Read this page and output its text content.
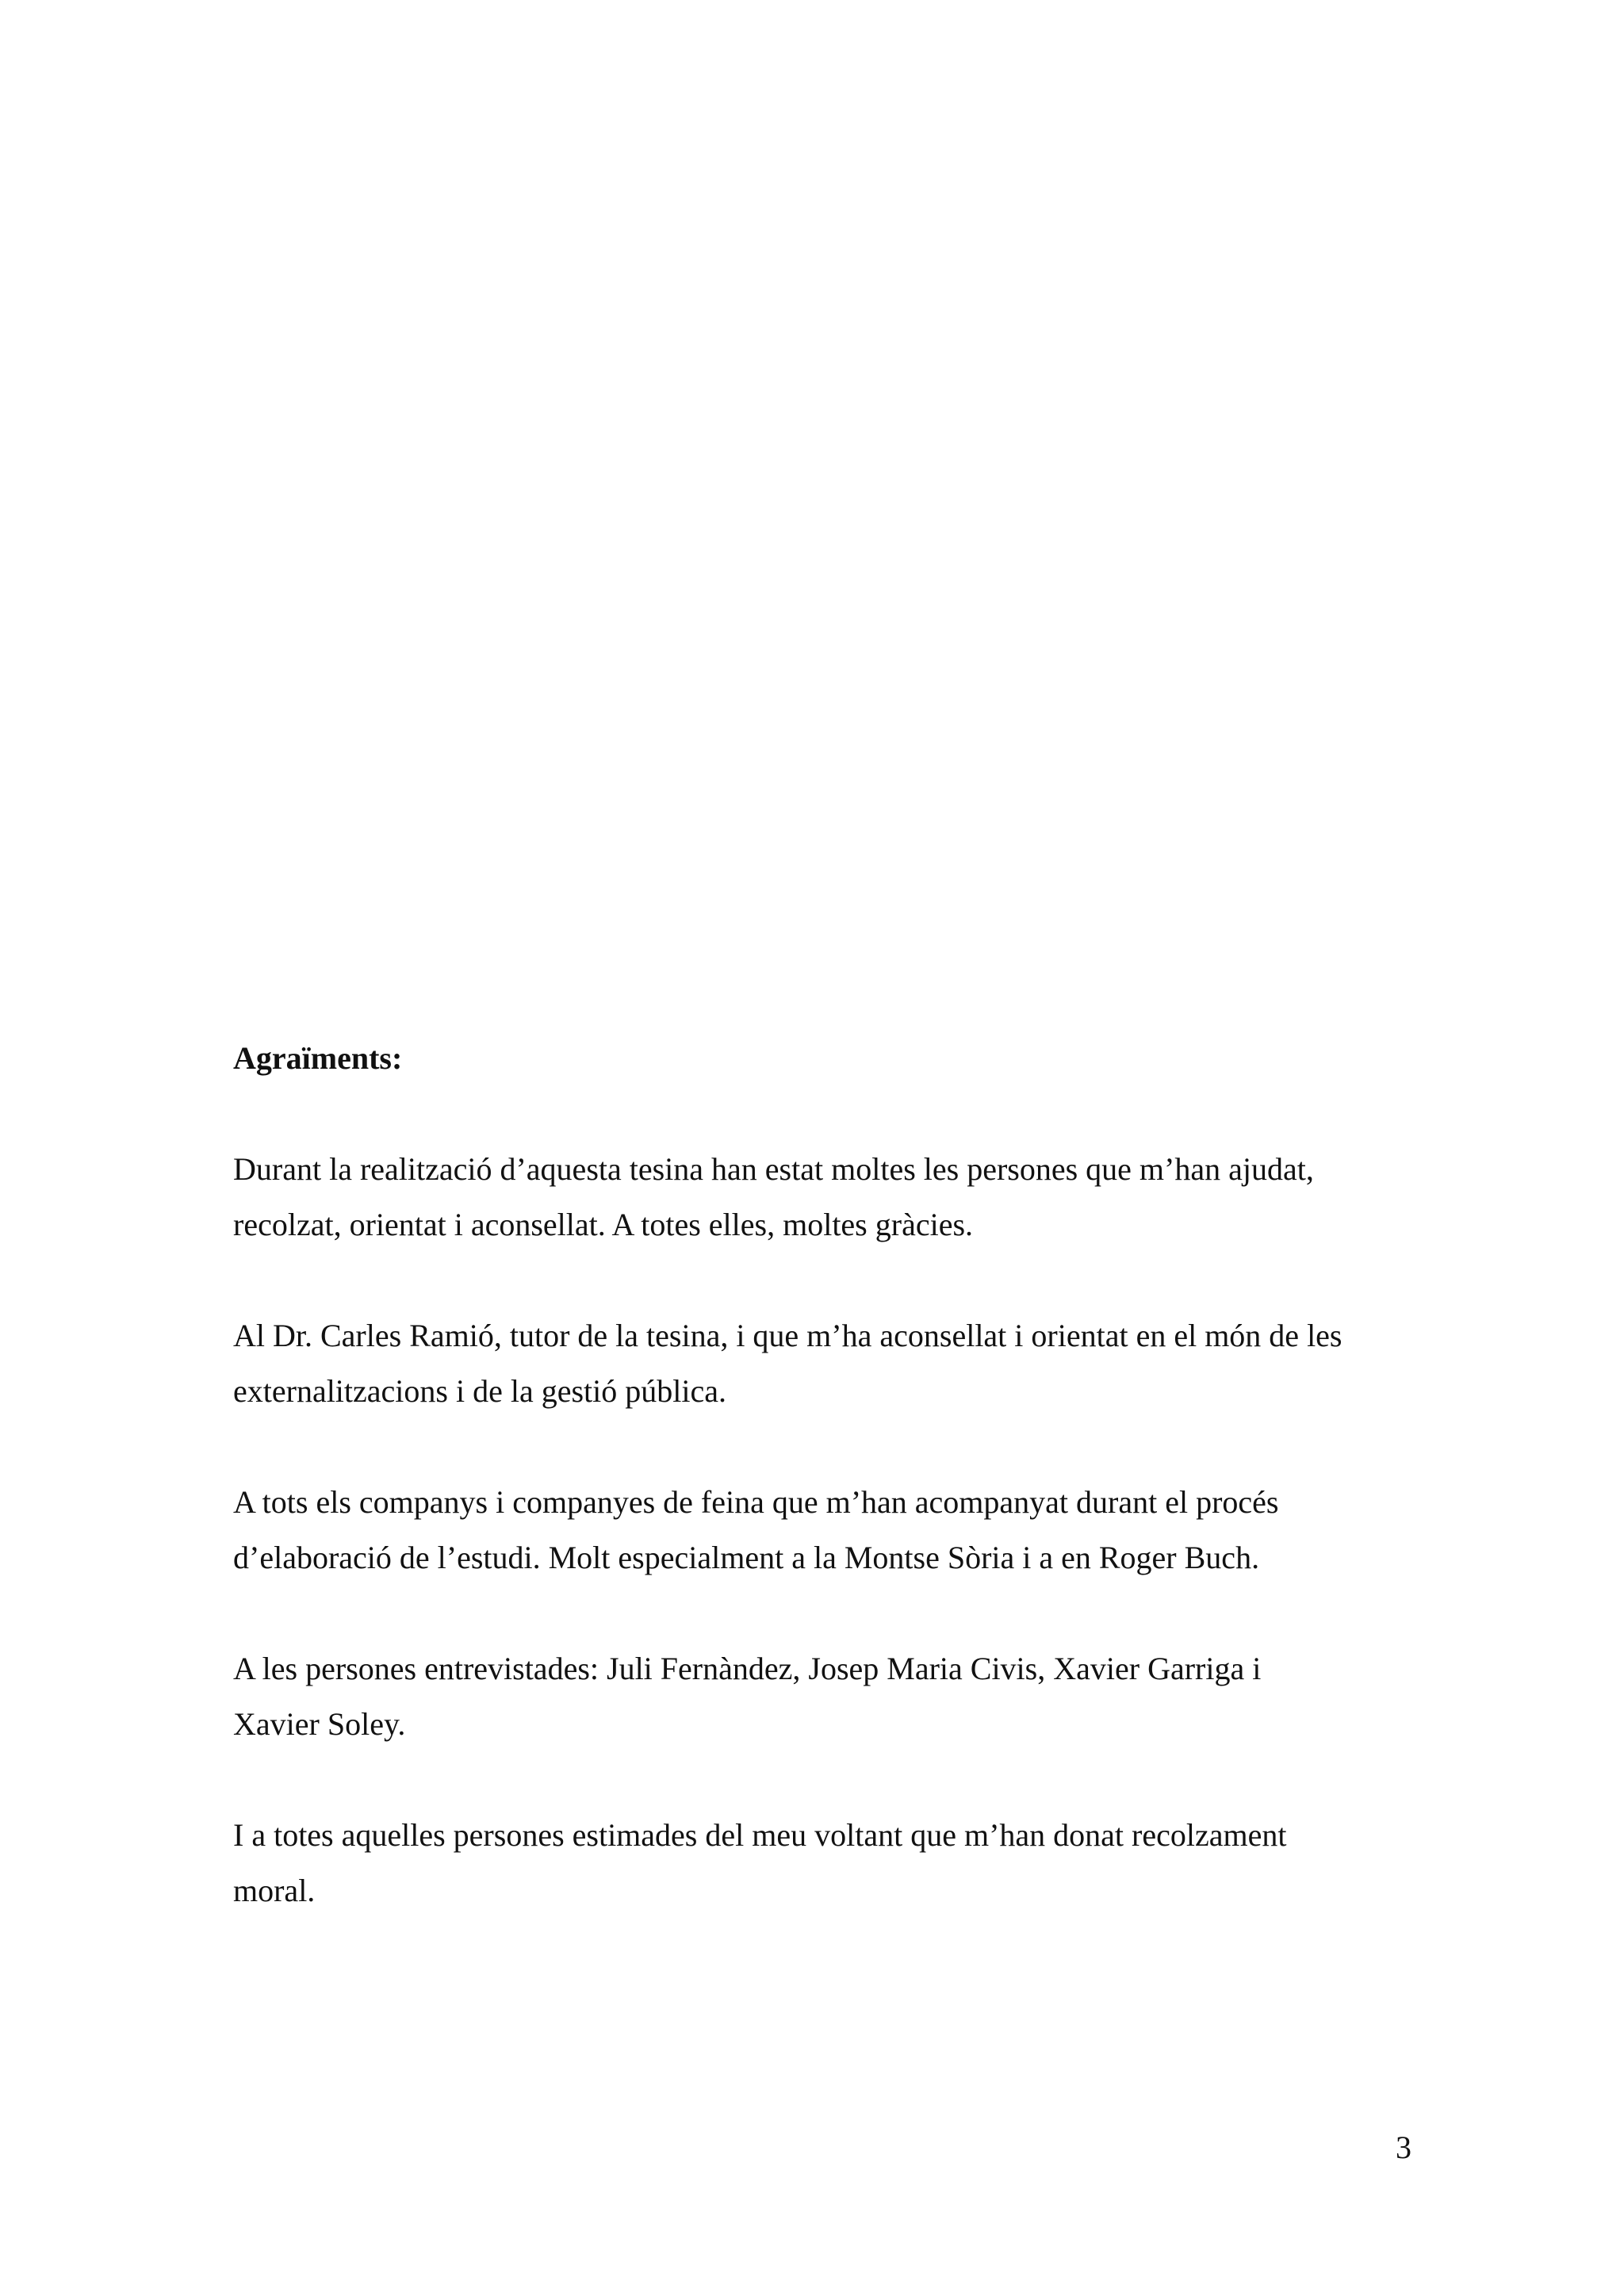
Agraïments:
Durant la realització d’aquesta tesina han estat moltes les persones que m’han ajudat,
recolzat, orientat i aconsellat. A totes elles, moltes gràcies.
Al Dr. Carles Ramió, tutor de la tesina, i que m’ha aconsellat i orientat en el món de les
externalitzacions i de la gestió pública.
A tots els companys i companyes de feina que m’han acompanyat durant el procés
d’elaboració de l’estudi. Molt especialment a la Montse Sòria i a en Roger Buch.
A les persones entrevistades: Juli Fernàndez, Josep Maria Civis, Xavier Garriga i
Xavier Soley.
I a totes aquelles persones estimades del meu voltant que m’han donat recolzament
moral.
3
